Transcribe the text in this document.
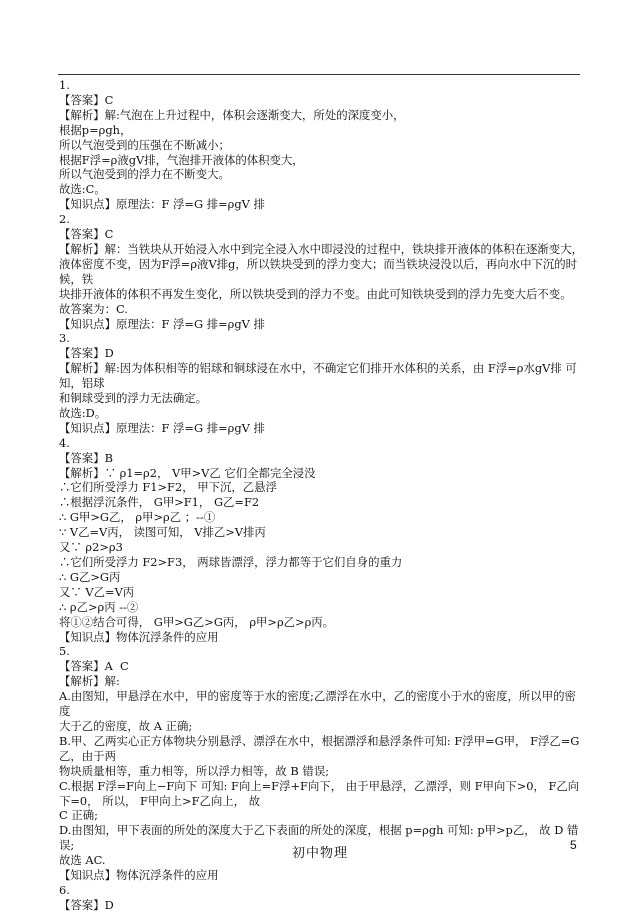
1.
【答案】C
【解析】解:气泡在上升过程中，体积会逐渐变大，所处的深度变小，
根据p=ρgh，
所以气泡受到的压强在不断减小；
根据F浮=ρ液gV排，气泡排开液体的体积变大，
所以气泡受到的浮力在不断变大。
故选:C。
【知识点】原理法：F 浮=G 排=ρgV 排
2.
【答案】C
【解析】解：当铁块从开始浸入水中到完全浸入水中即浸没的过程中，铁块排开液体的体积在逐渐变大，
液体密度不变，因为F浮=ρ液V排g，所以铁块受到的浮力变大；而当铁块浸没以后，再向水中下沉的时候，铁
块排开液体的体积不再发生变化，所以铁块受到的浮力不变。由此可知铁块受到的浮力先变大后不变。
故答案为：C.
【知识点】原理法：F 浮=G 排=ρgV 排
3.
【答案】D
【解析】解:因为体积相等的铝球和铜球浸在水中，不确定它们排开水体积的关系，由 F浮=ρ水gV排 可知，铝球
和铜球受到的浮力无法确定。
故选:D。
【知识点】原理法：F 浮=G 排=ρgV 排
4.
【答案】B
【解析】∵ ρ1=ρ2， V甲>V乙 它们全都完全浸没
∴它们所受浮力 F1>F2， 甲下沉，乙悬浮
∴根据浮沉条件， G甲>F1， G乙=F2
∴ G甲>G乙， ρ甲>ρ乙 ；--①
∵ V乙=V丙， 读图可知， V排乙>V排丙
又∵ ρ2>ρ3
∴它们所受浮力 F2>F3， 两球皆漂浮，浮力都等于它们自身的重力
∴ G乙>G丙
又∵ V乙=V丙
∴ ρ乙>ρ丙 --②
将①②结合可得， G甲>G乙>G丙， ρ甲>ρ乙>ρ丙。
【知识点】物体沉浮条件的应用
5.
【答案】A  C
【解析】解:
A.由图知，甲悬浮在水中，甲的密度等于水的密度;乙漂浮在水中，乙的密度小于水的密度，所以甲的密度
大于乙的密度，故 A 正确;
B.甲、乙两实心正方体物块分别悬浮、漂浮在水中，根据漂浮和悬浮条件可知: F浮甲=G甲， F浮乙=G乙，由于两
物块质量相等，重力相等，所以浮力相等，故 B 错误;
C.根据 F浮=F向上−F向下 可知: F向上=F浮+F向下， 由于甲悬浮，乙漂浮，则 F甲向下>0， F乙向下=0， 所以， F甲向上>F乙向上， 故
C 正确;
D.由图知，甲下表面的所处的深度大于乙下表面的所处的深度，根据 p=ρgh 可知: p甲>p乙， 故 D 错误;
故选 AC.
【知识点】物体沉浮条件的应用
6.
【答案】D
初中物理
5
